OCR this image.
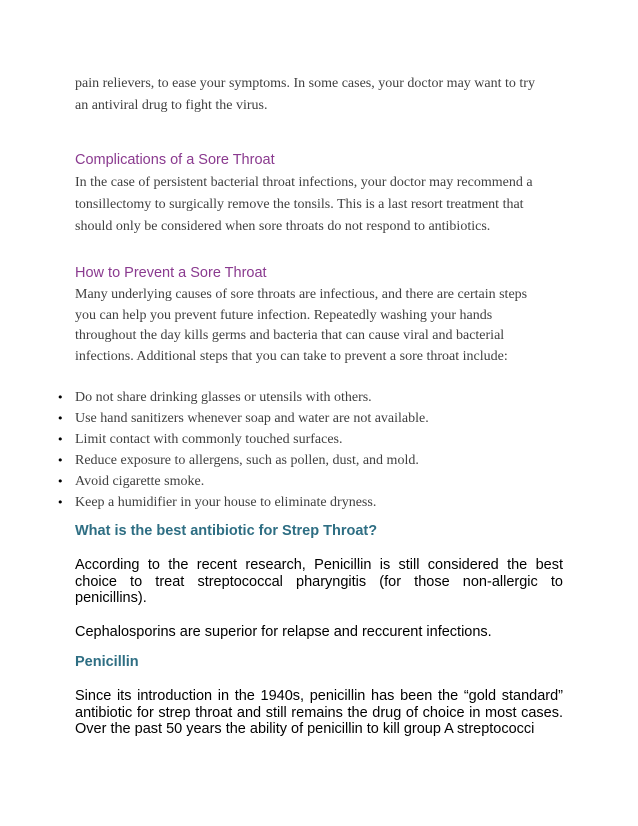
pain relievers, to ease your symptoms. In some cases, your doctor may want to try
an antiviral drug to fight the virus.
Complications of a Sore Throat
In the case of persistent bacterial throat infections, your doctor may recommend a
tonsillectomy to surgically remove the tonsils. This is a last resort treatment that
should only be considered when sore throats do not respond to antibiotics.
How to Prevent a Sore Throat
Many underlying causes of sore throats are infectious, and there are certain steps
you can help you prevent future infection. Repeatedly washing your hands
throughout the day kills germs and bacteria that can cause viral and bacterial
infections. Additional steps that you can take to prevent a sore throat include:
• Do not share drinking glasses or utensils with others.
• Use hand sanitizers whenever soap and water are not available.
• Limit contact with commonly touched surfaces.
• Reduce exposure to allergens, such as pollen, dust, and mold.
• Avoid cigarette smoke.
• Keep a humidifier in your house to eliminate dryness.
What is the best antibiotic for Strep Throat?
According to the recent research, Penicillin is still considered the best choice to treat streptococcal pharyngitis (for those non-allergic to penicillins).
Cephalosporins are superior for relapse and reccurent infections.
Penicillin
Since its introduction in the 1940s, penicillin has been the “gold standard” antibiotic for strep throat and still remains the drug of choice in most cases. Over the past 50 years the ability of penicillin to kill group A streptococci
